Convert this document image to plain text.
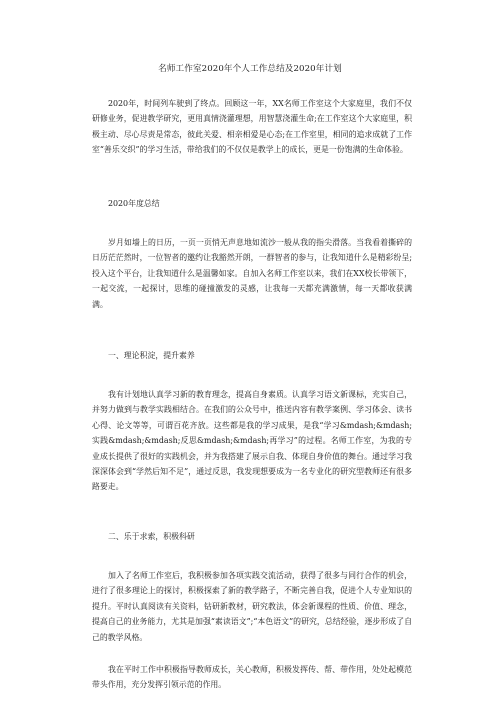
名师工作室2020年个人工作总结及2020年计划

2020年，时间列车驶到了终点。回顾这一年，XX名师工作室这个大家庭里，我们不仅研修业务，促进教学研究，更用真情浇灌理想，用智慧浇灌生命;在工作室这个大家庭里，积极主动、尽心尽责是常态，彼此关爱、相亲相爱是心态;在工作室里，相同的追求成就了工作室“善乐交织”的学习生活，带给我们的不仅仅是教学上的成长，更是一份饱满的生命体验。

2020年度总结

岁月如墙上的日历，一页一页悄无声息地如流沙一般从我的指尖滑落。当我看着撕碎的日历茫茫然时，一位智者的邀约让我豁然开朗，一群智者的参与，让我知道什么是精彩纷呈;投入这个平台，让我知道什么是温馨如家。自加入名师工作室以来，我们在XX校长带领下，一起交流，一起探讨，思维的碰撞激发的灵感，让我每一天都充满激情，每一天都收获满满。

一、理论积淀，提升素养

我有计划地认真学习新的教育理念，提高自身素质。认真学习语文新课标，充实自己，并努力做到与教学实践相结合。在我们的公众号中，推送内容有教学案例、学习体会、读书心得、论文等等，可谓百花齐放。这些都是我的学习成果，是我“学习&mdash;&mdash;实践&mdash;&mdash;反思&mdash;&mdash;再学习”的过程。名师工作室，为我的专业成长提供了很好的实践机会，并为我搭建了展示自我、体现自身价值的舞台。通过学习我深深体会到“学然后知不足”，通过反思，我发现想要成为一名专业化的研究型教师还有很多路要走。

二、乐于求索，积极科研

加入了名师工作室后，我积极参加各项实践交流活动，获得了很多与同行合作的机会，进行了很多理论上的探讨，积极探索了新的教学路子，不断完善自我，促进个人专业知识的提升。平时认真阅读有关资料，钻研新教材，研究教法，体会新课程的性质、价值、理念，提高自己的业务能力，尤其是加强“素读语文”;“本色语文”的研究，总结经验，逐步形成了自己的教学风格。

我在平时工作中积极指导教师成长，关心教师，积极发挥传、帮、带作用，处处起模范带头作用，充分发挥引领示范的作用。
